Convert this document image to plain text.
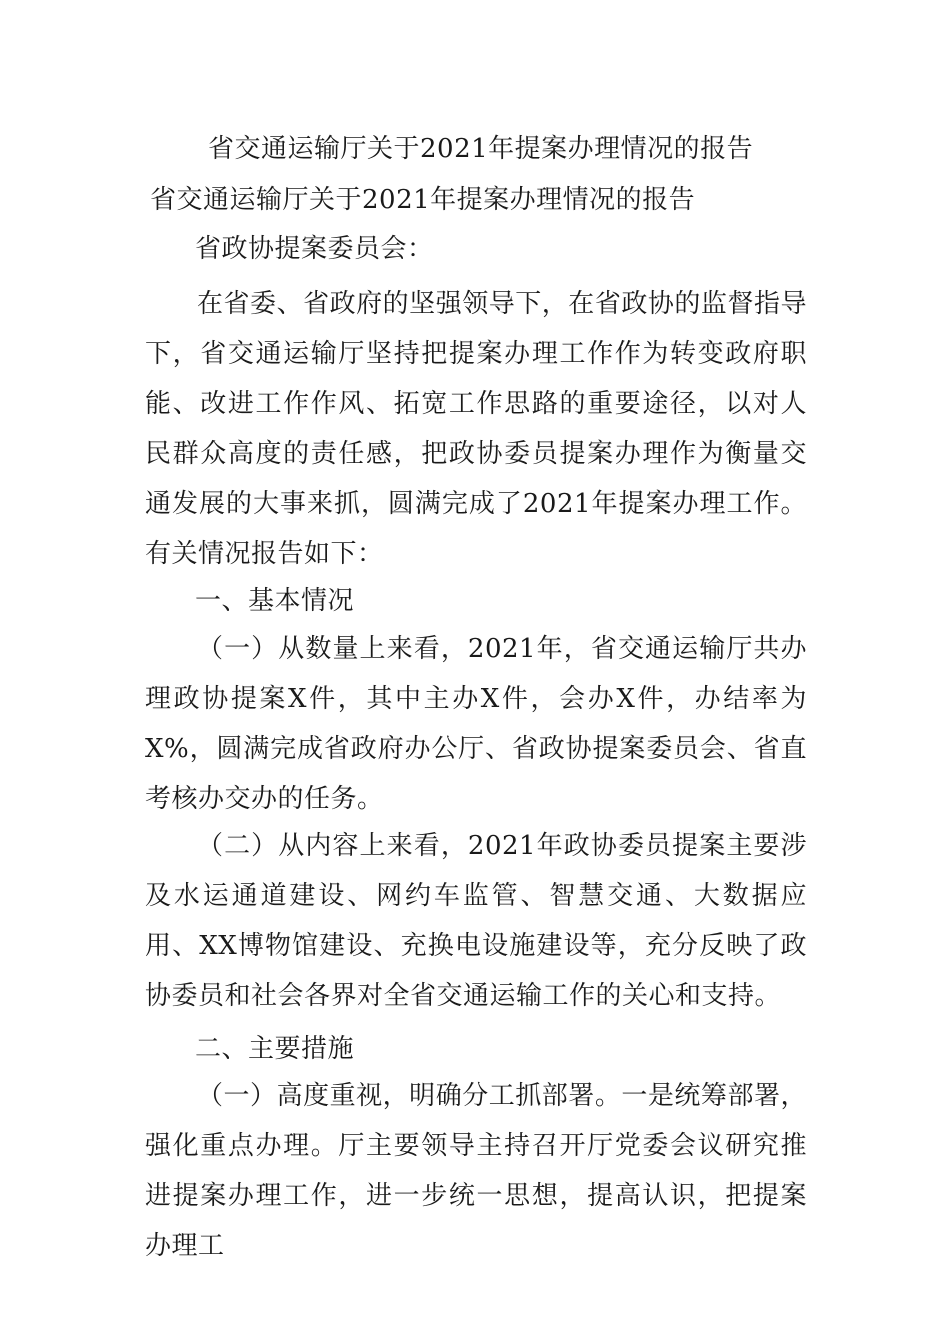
省交通运输厅关于2021年提案办理情况的报告
省交通运输厅关于2021年提案办理情况的报告
省政协提案委员会：
在省委、省政府的坚强领导下，在省政协的监督指导下，省交通运输厅坚持把提案办理工作作为转变政府职能、改进工作作风、拓宽工作思路的重要途径，以对人民群众高度的责任感，把政协委员提案办理作为衡量交通发展的大事来抓，圆满完成了2021年提案办理工作。有关情况报告如下：
一、基本情况
（一）从数量上来看，2021年，省交通运输厅共办理政协提案X件，其中主办X件，会办X件，办结率为X%，圆满完成省政府办公厅、省政协提案委员会、省直考核办交办的任务。
（二）从内容上来看，2021年政协委员提案主要涉及水运通道建设、网约车监管、智慧交通、大数据应用、XX博物馆建设、充换电设施建设等，充分反映了政协委员和社会各界对全省交通运输工作的关心和支持。
二、主要措施
（一）高度重视，明确分工抓部署。一是统筹部署，强化重点办理。厅主要领导主持召开厅党委会议研究推进提案办理工作，进一步统一思想，提高认识，把提案办理工
